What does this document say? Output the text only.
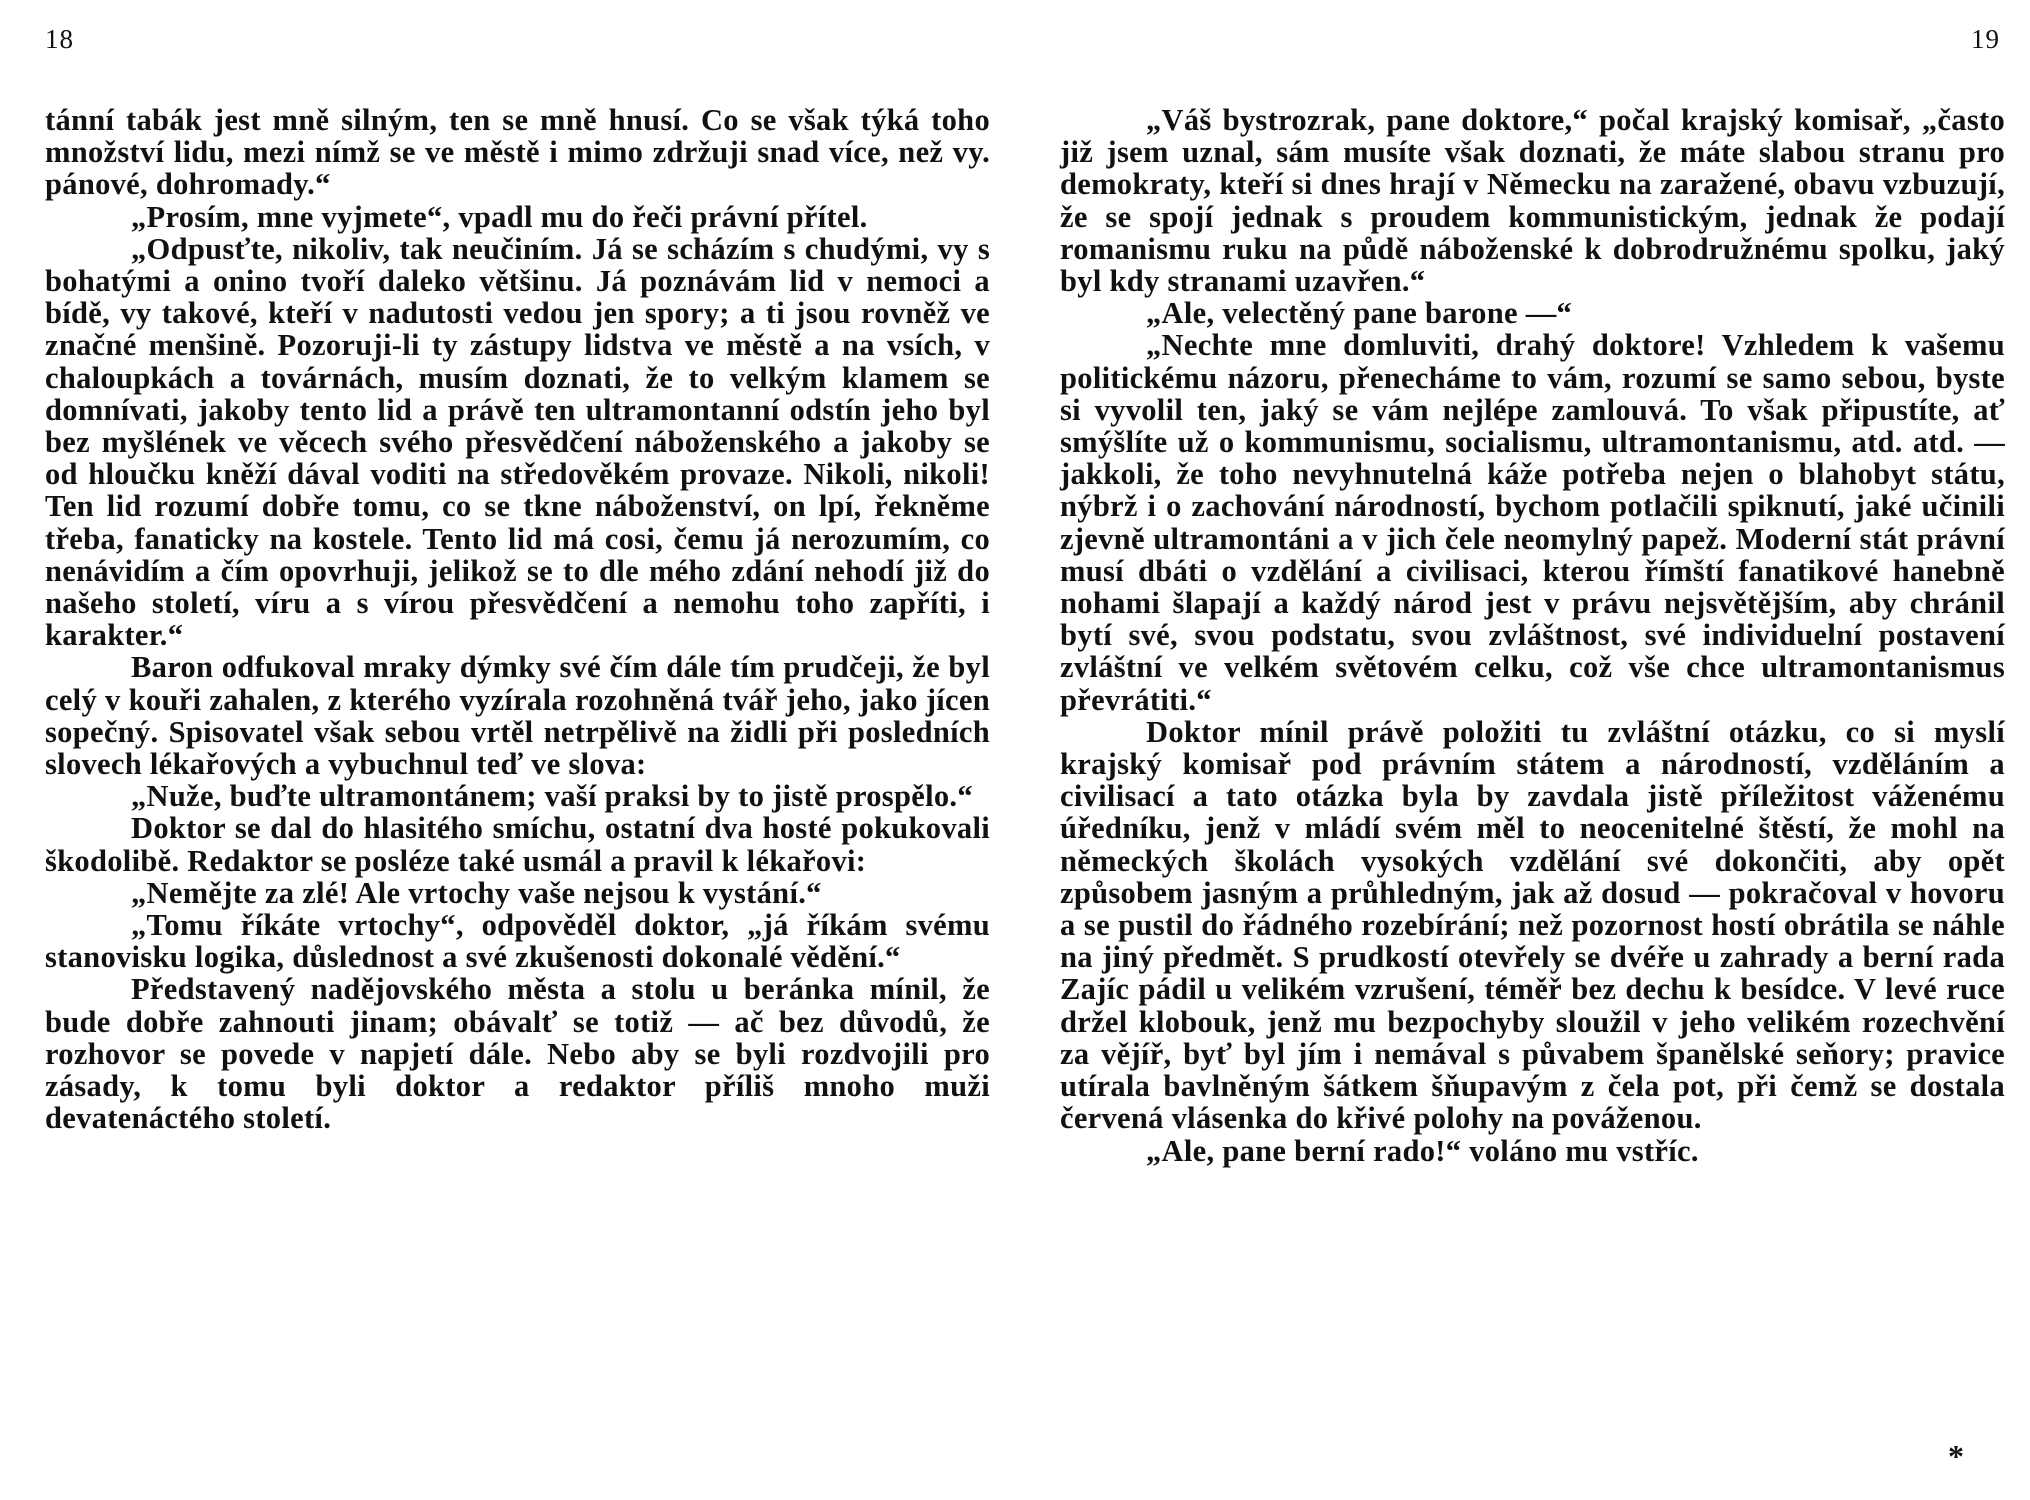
18

tánní tabák jest mně silným, ten se mně hnusí. Co se však týká toho množství lidu, mezi nímž se ve městě i mimo zdržuji snad více, než vy. pánové, dohromady.“

„Prosím, mne vyjmete“, vpadl mu do řeči právní přítel.

„Odpusťte, nikoliv, tak neučiním. Já se scházím s chudými, vy s bohatými a onino tvoří daleko většinu. Já poznávám lid v nemoci a bídě, vy takové, kteří v nadutosti vedou jen spory; a ti jsou rovněž ve značné menšině. Pozoruji-li ty zástupy lidstva ve městě a na vsích, v chaloupkách a továrnách, musím doznati, že to velkým klamem se domnívati, jakoby tento lid a právě ten ultramontanní odstín jeho byl bez myšlének ve věcech svého přesvědčení náboženského a jakoby se od hloučku kněží dával voditi na středověkém provaze. Nikoli, nikoli! Ten lid rozumí dobře tomu, co se tkne náboženství, on lpí, řekněme třeba, fanaticky na kostele. Tento lid má cosi, čemu já nerozumím, co nenávidím a čím opovrhuji, jelikož se to dle mého zdání nehodí již do našeho století, víru a s vírou přesvědčení a nemohu toho zapříti, i karakter.“

Baron odfukoval mraky dýmky své čím dále tím prudčeji, že byl celý v kouři zahalen, z kterého vyzírala rozohněná tvář jeho, jako jícen sopečný. Spisovatel však sebou vrtěl netrpělivě na židli při posledních slovech lékařových a vybuchnul teď ve slova:

„Nuže, buďte ultramontánem; vaší praksi by to jistě prospělo.“

Doktor se dal do hlasitého smíchu, ostatní dva hosté pokukovali škodolibě. Redaktor se posléze také usmál a pravil k lékařovi:

„Nemějte za zlé! Ale vrtochy vaše nejsou k vystání.“

„Tomu říkáte vrtochy“, odpověděl doktor, „já říkám svému stanovisku logika, důslednost a své zkušenosti dokonalé vědění.“

Představený nadějovského města a stolu u beránka mínil, že bude dobře zahnouti jinam; obávalť se totiž — ač bez důvodů, že rozhovor se povede v napjetí dále. Nebo aby se byli rozdvojili pro zásady, k tomu byli doktor a redaktor příliš mnoho muži devatenáctého století.

19

„Váš bystrozrak, pane doktore,“ počal krajský komisař, „často již jsem uznal, sám musíte však doznati, že máte slabou stranu pro demokraty, kteří si dnes hrají v Německu na zaražené, obavu vzbuzují, že se spojí jednak s proudem kommunistickým, jednak že podají romanismu ruku na půdě náboženské k dobrodružnému spolku, jaký byl kdy stranami uzavřen.“

„Ale, velectěný pane barone —“

„Nechte mne domluviti, drahý doktore! Vzhledem k vašemu politickému názoru, přenecháme to vám, rozumí se samo sebou, byste si vyvolil ten, jaký se vám nejlépe zamlouvá. To však připustíte, ať smýšlíte už o kommunismu, socialismu, ultramontanismu, atd. atd. — jakkoli, že toho nevyhnutelná káže potřeba nejen o blahobyt státu, nýbrž i o zachování národností, bychom potlačili spiknutí, jaké učinili zjevně ultramontáni a v jich čele neomylný papež. Moderní stát právní musí dbáti o vzdělání a civilisaci, kterou římští fanatikové hanebně nohami šlapají a každý národ jest v právu nejsvětějším, aby chránil bytí své, svou podstatu, svou zvláštnost, své individuelní postavení zvláštní ve velkém světovém celku, což vše chce ultramontanismus převrátiti.“

Doktor mínil právě položiti tu zvláštní otázku, co si myslí krajský komisař pod právním státem a národností, vzděláním a civilisací a tato otázka byla by zavdala jistě příležitost váženému úředníku, jenž v mládí svém měl to neocenitelné štěstí, že mohl na německých školách vysokých vzdělání své dokončiti, aby opět způsobem jasným a průhledným, jak až dosud — pokračoval v hovoru a se pustil do řádného rozebírání; než pozornost hostí obrátila se náhle na jiný předmět. S prudkostí otevřely se dvéře u zahrady a berní rada Zajíc pádil u velikém vzrušení, téměř bez dechu k besídce. V levé ruce držel klobouk, jenž mu bezpochyby sloužil v jeho velikém rozechvění za vějíř, byť byl jím i nemával s půvabem španělské seňory; pravice utírala bavlněným šátkem šňupavým z čela pot, při čemž se dostala červená vlásenka do křivé polohy na pováženou.

„Ale, pane berní rado!“ voláno mu vstříc.

*
